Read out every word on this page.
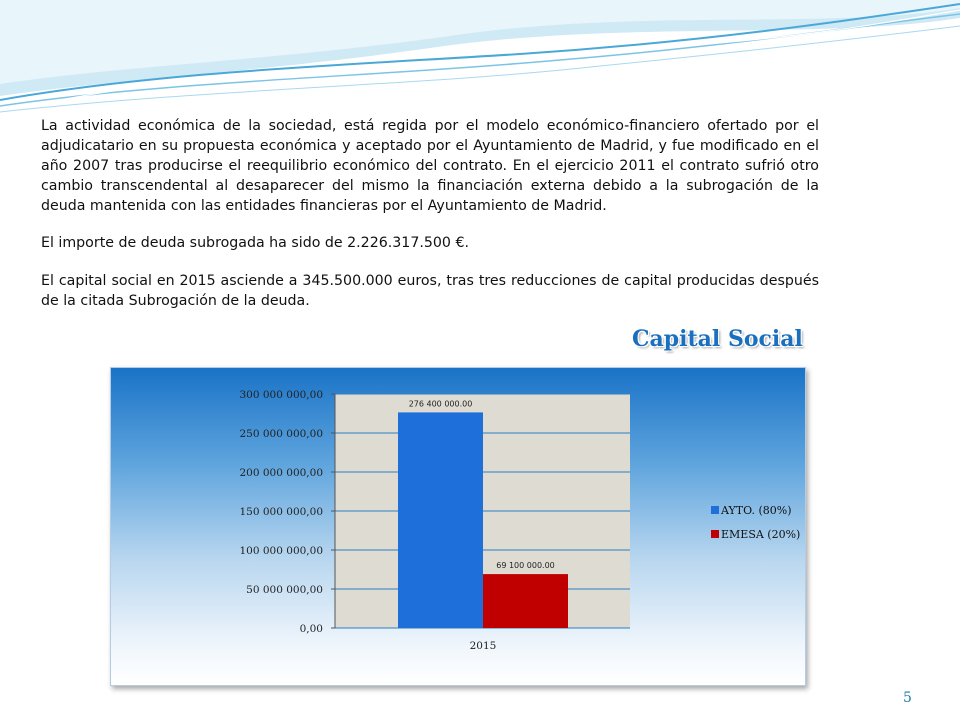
La actividad económica de la sociedad, está regida por el modelo económico-financiero ofertado por el adjudicatario en su propuesta económica y aceptado por el Ayuntamiento de Madrid, y fue modificado en el año 2007 tras producirse el reequilibrio económico del contrato. En el ejercicio 2011 el contrato sufrió otro cambio transcendental al desaparecer del mismo la financiación externa debido a la subrogación de la deuda mantenida con las entidades financieras por el Ayuntamiento de Madrid.

El importe de deuda subrogada ha sido de 2.226.317.500 €.

El capital social en 2015 asciende a 345.500.000 euros, tras tres reducciones de capital producidas después de la citada Subrogación de la deuda.

Capital Social
0,00
50 000 000,00
100 000 000,00
150 000 000,00
200 000 000,00
250 000 000,00
300 000 000,00
276 400 000.00
69 100 000.00
2015
AYTO. (80%)
EMESA (20%)

5
